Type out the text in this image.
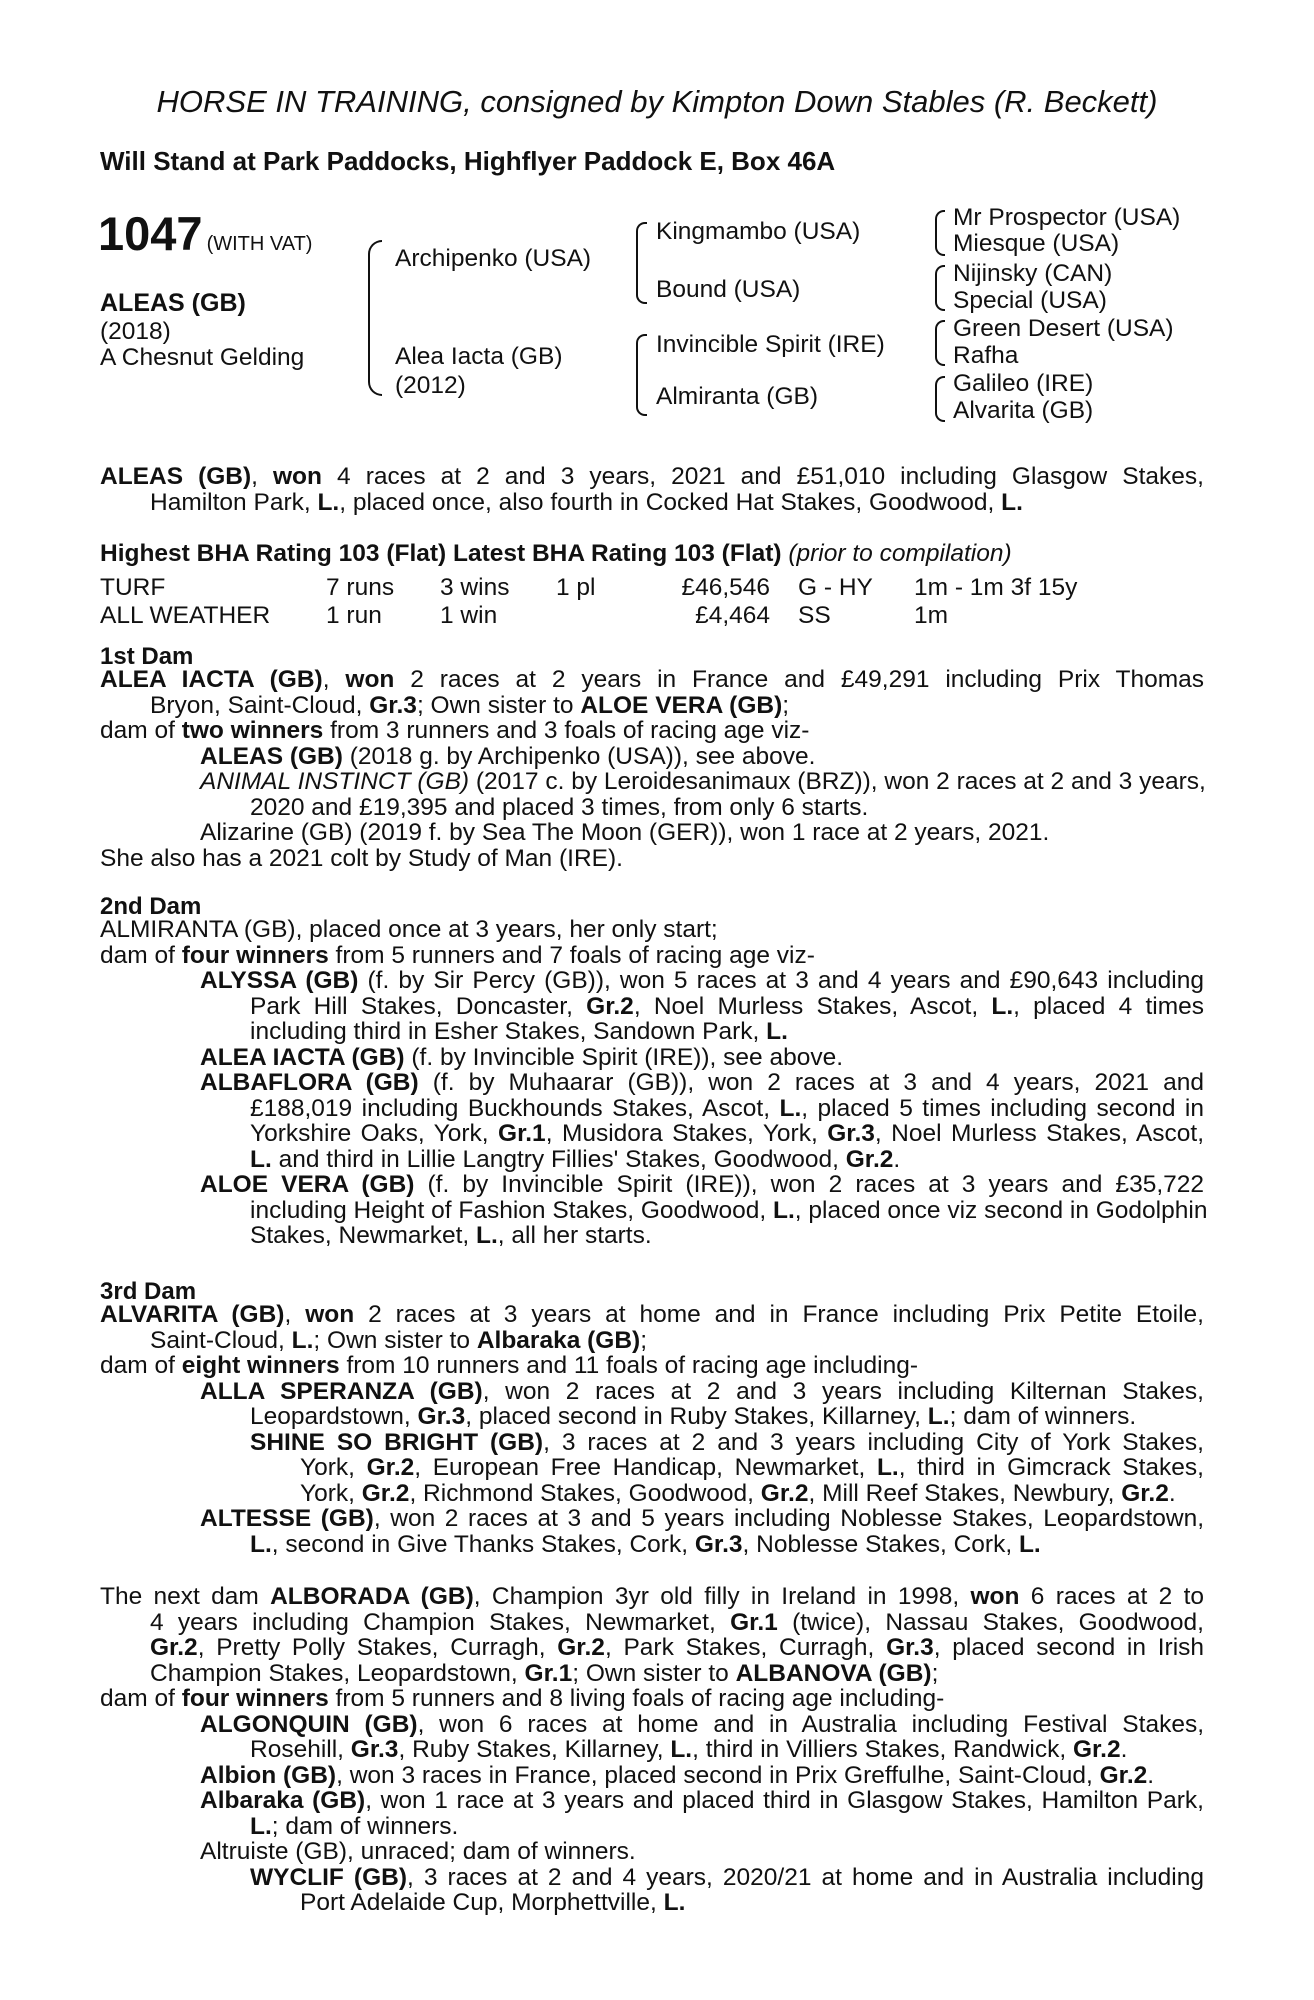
HORSE IN TRAINING, consigned by Kimpton Down Stables (R. Beckett)
Will Stand at Park Paddocks, Highflyer Paddock E, Box 46A
1047 (WITH VAT)
ALEAS (GB)
(2018)
A Chesnut Gelding
Archipenko (USA)
Alea Iacta (GB)
(2012)
Kingmambo (USA)
Bound (USA)
Invincible Spirit (IRE)
Almiranta (GB)
Mr Prospector (USA)
Miesque (USA)
Nijinsky (CAN)
Special (USA)
Green Desert (USA)
Rafha
Galileo (IRE)
Alvarita (GB)
ALEAS (GB), won 4 races at 2 and 3 years, 2021 and £51,010 including Glasgow Stakes,
Hamilton Park, L., placed once, also fourth in Cocked Hat Stakes, Goodwood, L.
Highest BHA Rating 103 (Flat) Latest BHA Rating 103 (Flat) (prior to compilation)
TURF	7 runs	3 wins	1 pl	£46,546	G - HY	1m - 1m 3f 15y
ALL WEATHER	1 run	1 win		£4,464	SS	1m
1st Dam
ALEA IACTA (GB), won 2 races at 2 years in France and £49,291 including Prix Thomas
Bryon, Saint-Cloud, Gr.3; Own sister to ALOE VERA (GB);
dam of two winners from 3 runners and 3 foals of racing age viz-
ALEAS (GB) (2018 g. by Archipenko (USA)), see above.
ANIMAL INSTINCT (GB) (2017 c. by Leroidesanimaux (BRZ)), won 2 races at 2 and 3 years,
2020 and £19,395 and placed 3 times, from only 6 starts.
Alizarine (GB) (2019 f. by Sea The Moon (GER)), won 1 race at 2 years, 2021.
She also has a 2021 colt by Study of Man (IRE).
2nd Dam
ALMIRANTA (GB), placed once at 3 years, her only start;
dam of four winners from 5 runners and 7 foals of racing age viz-
ALYSSA (GB) (f. by Sir Percy (GB)), won 5 races at 3 and 4 years and £90,643 including
Park Hill Stakes, Doncaster, Gr.2, Noel Murless Stakes, Ascot, L., placed 4 times
including third in Esher Stakes, Sandown Park, L.
ALEA IACTA (GB) (f. by Invincible Spirit (IRE)), see above.
ALBAFLORA (GB) (f. by Muhaarar (GB)), won 2 races at 3 and 4 years, 2021 and
£188,019 including Buckhounds Stakes, Ascot, L., placed 5 times including second in
Yorkshire Oaks, York, Gr.1, Musidora Stakes, York, Gr.3, Noel Murless Stakes, Ascot,
L. and third in Lillie Langtry Fillies' Stakes, Goodwood, Gr.2.
ALOE VERA (GB) (f. by Invincible Spirit (IRE)), won 2 races at 3 years and £35,722
including Height of Fashion Stakes, Goodwood, L., placed once viz second in Godolphin
Stakes, Newmarket, L., all her starts.
3rd Dam
ALVARITA (GB), won 2 races at 3 years at home and in France including Prix Petite Etoile,
Saint-Cloud, L.; Own sister to Albaraka (GB);
dam of eight winners from 10 runners and 11 foals of racing age including-
ALLA SPERANZA (GB), won 2 races at 2 and 3 years including Kilternan Stakes,
Leopardstown, Gr.3, placed second in Ruby Stakes, Killarney, L.; dam of winners.
SHINE SO BRIGHT (GB), 3 races at 2 and 3 years including City of York Stakes,
York, Gr.2, European Free Handicap, Newmarket, L., third in Gimcrack Stakes,
York, Gr.2, Richmond Stakes, Goodwood, Gr.2, Mill Reef Stakes, Newbury, Gr.2.
ALTESSE (GB), won 2 races at 3 and 5 years including Noblesse Stakes, Leopardstown,
L., second in Give Thanks Stakes, Cork, Gr.3, Noblesse Stakes, Cork, L.
The next dam ALBORADA (GB), Champion 3yr old filly in Ireland in 1998, won 6 races at 2 to
4 years including Champion Stakes, Newmarket, Gr.1 (twice), Nassau Stakes, Goodwood,
Gr.2, Pretty Polly Stakes, Curragh, Gr.2, Park Stakes, Curragh, Gr.3, placed second in Irish
Champion Stakes, Leopardstown, Gr.1; Own sister to ALBANOVA (GB);
dam of four winners from 5 runners and 8 living foals of racing age including-
ALGONQUIN (GB), won 6 races at home and in Australia including Festival Stakes,
Rosehill, Gr.3, Ruby Stakes, Killarney, L., third in Villiers Stakes, Randwick, Gr.2.
Albion (GB), won 3 races in France, placed second in Prix Greffulhe, Saint-Cloud, Gr.2.
Albaraka (GB), won 1 race at 3 years and placed third in Glasgow Stakes, Hamilton Park,
L.; dam of winners.
Altruiste (GB), unraced; dam of winners.
WYCLIF (GB), 3 races at 2 and 4 years, 2020/21 at home and in Australia including
Port Adelaide Cup, Morphettville, L.
